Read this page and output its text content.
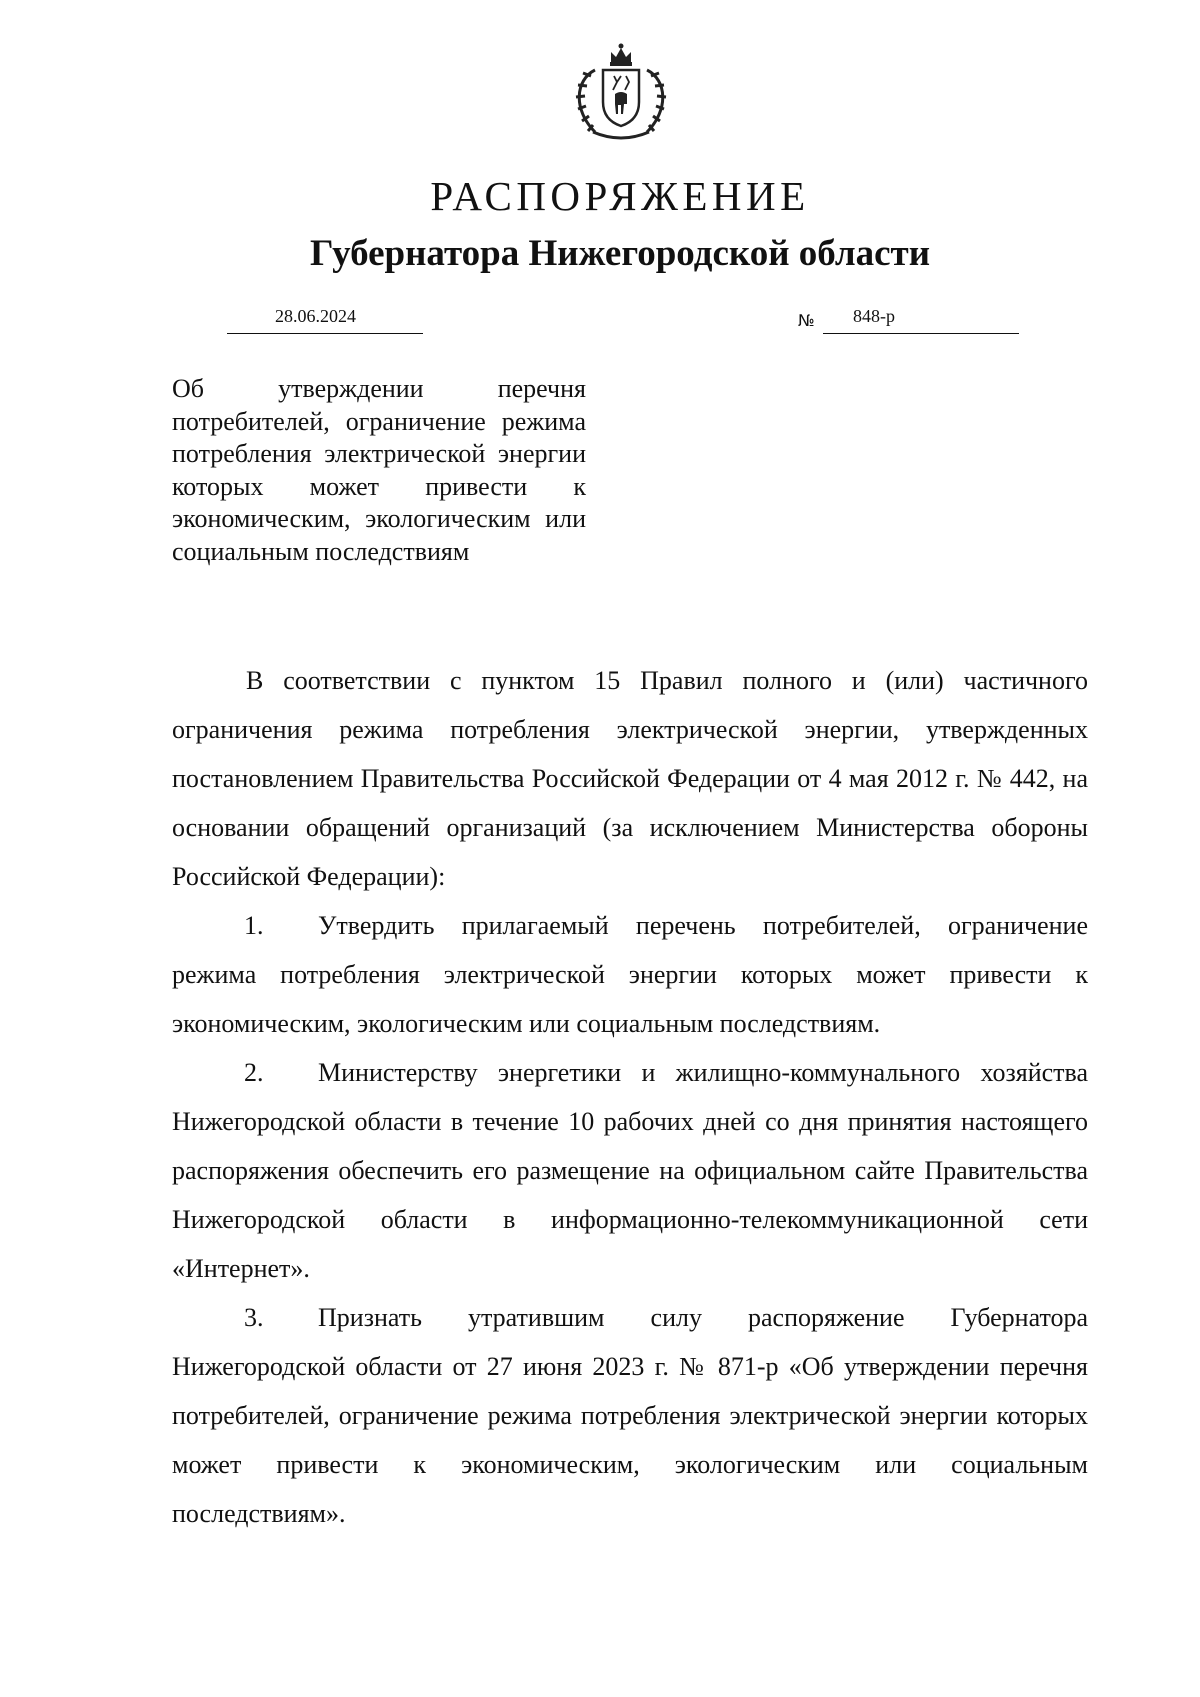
РАСПОРЯЖЕНИЕ
Губернатора Нижегородской области
28.06.2024	№ 848-р
Об утверждении перечня потребителей, ограничение режима потребления электрической энергии которых может привести к экономическим, экологическим или социальным последствиям

В соответствии с пунктом 15 Правил полного и (или) частичного ограничения режима потребления электрической энергии, утвержденных постановлением Правительства Российской Федерации от 4 мая 2012 г. № 442, на основании обращений организаций (за исключением Министерства обороны Российской Федерации):

1. Утвердить прилагаемый перечень потребителей, ограничение режима потребления электрической энергии которых может привести к экономическим, экологическим или социальным последствиям.

2. Министерству энергетики и жилищно-коммунального хозяйства Нижегородской области в течение 10 рабочих дней со дня принятия настоящего распоряжения обеспечить его размещение на официальном сайте Правительства Нижегородской области в информационно-телекоммуникационной сети «Интернет».

3. Признать утратившим силу распоряжение Губернатора Нижегородской области от 27 июня 2023 г. № 871-р «Об утверждении перечня потребителей, ограничение режима потребления электрической энергии которых может привести к экономическим, экологическим или социальным последствиям».
